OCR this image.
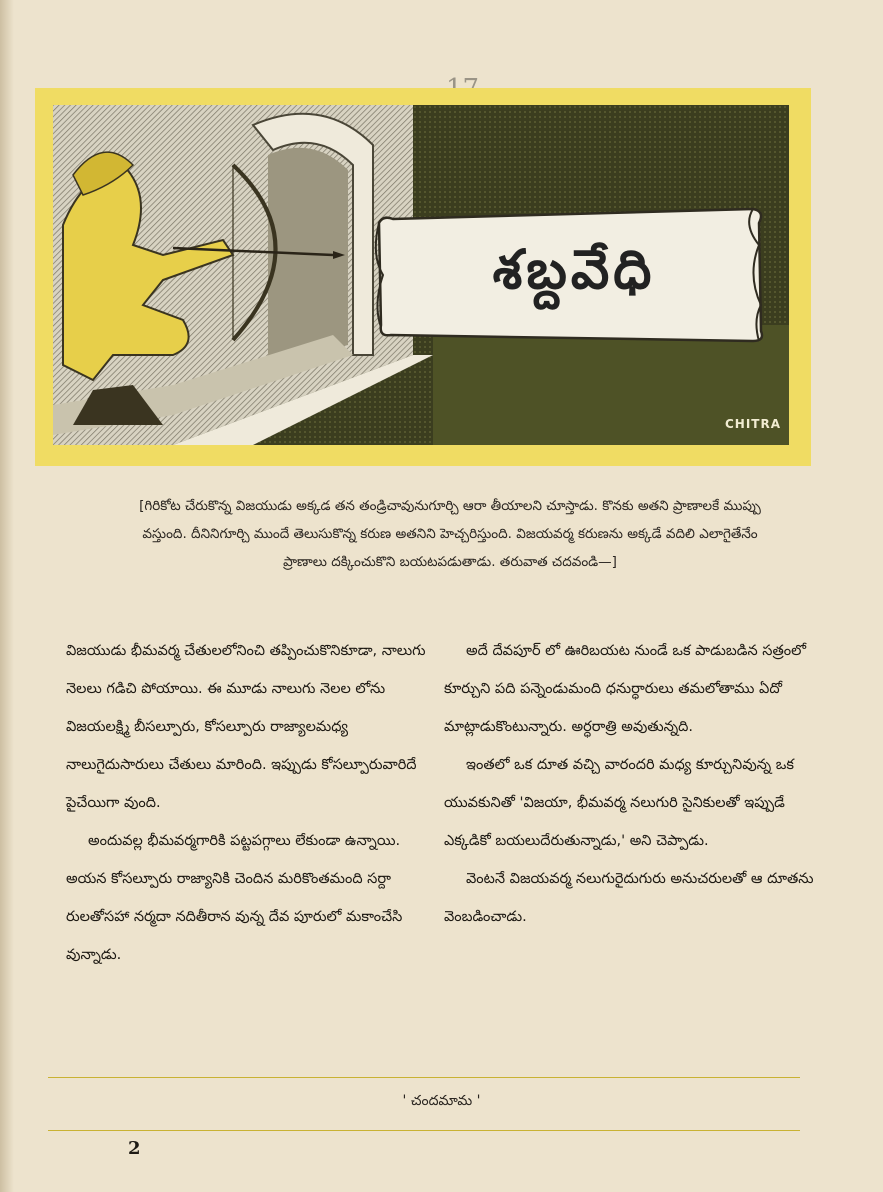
శబ్దవేధి
CHITRA
[గిరికోట చేరుకొన్న విజయుడు అక్కడ తన తండ్రిచావునుగూర్చి ఆరా తీయాలని చూస్తాడు. కొనకు అతని ప్రాణాలకే ముప్పు వస్తుంది. దీనినిగూర్చి ముందే తెలుసుకొన్న కరుణ అతనిని హెచ్చరిస్తుంది. విజయవర్మ కరుణను అక్కడే వదిలి ఎలాగైతేనేం ప్రాణాలు దక్కించుకొని బయటపడుతాడు. తరువాత చదవండి—]

విజయుడు భీమవర్మ చేతులలోనించి తప్పించుకొనికూడా, నాలుగు నెలలు గడిచి పోయాయి. ఈ మూడు నాలుగు నెలల లోను విజయలక్ష్మి బీసల్పూరు, కోసల్పూరు రాజ్యాలమధ్య నాలుగైదుసారులు చేతులు మారింది. ఇప్పుడు కోసల్పూరువారిదే పైచేయిగా వుంది.

అందువల్ల భీమవర్మగారికి పట్టపగ్గాలు లేకుండా ఉన్నాయి. అయన కోసల్పూరు రాజ్యానికి చెందిన మరికొంతమంది సర్దా రులతోసహా నర్మదా నదితీరాన వున్న దేవ పూరులో మకాంచేసి వున్నాడు.

అదే దేవపూర్ లో ఊరిబయట నుండే ఒక పాడుబడిన సత్రంలో కూర్చుని పది పన్నెండుమంది ధనుర్ధారులు తమలోతాము ఏదో మాట్లాడుకొంటున్నారు. అర్ధరాత్రి అవుతున్నది.

ఇంతలో ఒక దూత వచ్చి వారందరి మధ్య కూర్చునివున్న ఒక యువకునితో 'విజయా, భీమవర్మ నలుగురి సైనికులతో ఇప్పుడే ఎక్కడికో బయలుదేరుతున్నాడు,' అని చెప్పాడు.

వెంటనే విజయవర్మ నలుగురైదుగురు అనుచరులతో ఆ దూతను వెంబడించాడు.

' చందమామ '
2
